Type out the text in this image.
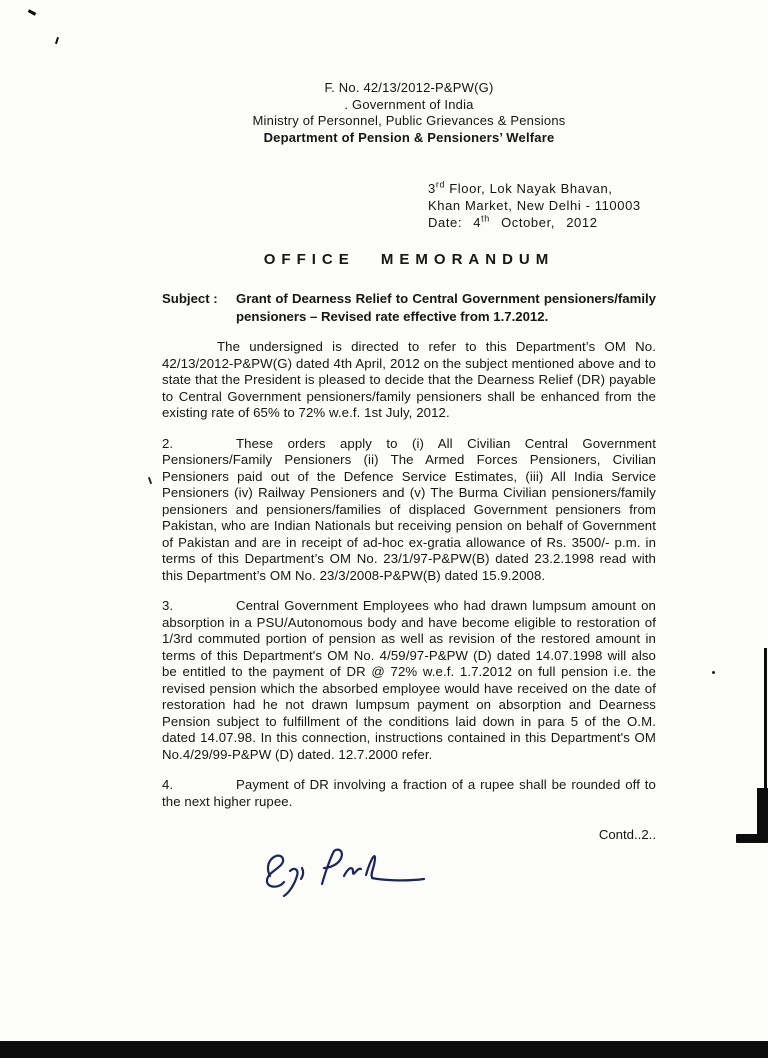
F. No. 42/13/2012-P&PW(G)
. Government of India
Ministry of Personnel, Public Grievances & Pensions
Department of Pension & Pensioners’ Welfare
3rd Floor, Lok Nayak Bhavan,
Khan Market, New Delhi - 110003
Date: 4th October, 2012
OFFICE MEMORANDUM
Subject :	Grant of Dearness Relief to Central Government pensioners/family pensioners – Revised rate effective from 1.7.2012.

The undersigned is directed to refer to this Department’s OM No. 42/13/2012-P&PW(G) dated 4th April, 2012 on the subject mentioned above and to state that the President is pleased to decide that the Dearness Relief (DR) payable to Central Government pensioners/family pensioners shall be enhanced from the existing rate of 65% to 72% w.e.f. 1st July, 2012.

2.	These orders apply to (i) All Civilian Central Government Pensioners/Family Pensioners (ii) The Armed Forces Pensioners, Civilian Pensioners paid out of the Defence Service Estimates, (iii) All India Service Pensioners (iv) Railway Pensioners and (v) The Burma Civilian pensioners/family pensioners and pensioners/families of displaced Government pensioners from Pakistan, who are Indian Nationals but receiving pension on behalf of Government of Pakistan and are in receipt of ad-hoc ex-gratia allowance of Rs. 3500/- p.m. in terms of this Department’s OM No. 23/1/97-P&PW(B) dated 23.2.1998 read with this Department’s OM No. 23/3/2008-P&PW(B) dated 15.9.2008.

3.	Central Government Employees who had drawn lumpsum amount on absorption in a PSU/Autonomous body and have become eligible to restoration of 1/3rd commuted portion of pension as well as revision of the restored amount in terms of this Department's OM No. 4/59/97-P&PW (D) dated 14.07.1998 will also be entitled to the payment of DR @ 72% w.e.f. 1.7.2012 on full pension i.e. the revised pension which the absorbed employee would have received on the date of restoration had he not drawn lumpsum payment on absorption and Dearness Pension subject to fulfillment of the conditions laid down in para 5 of the O.M. dated 14.07.98. In this connection, instructions contained in this Department's OM No.4/29/99-P&PW (D) dated. 12.7.2000 refer.

4.	Payment of DR involving a fraction of a rupee shall be rounded off to the next higher rupee.

Contd..2..
